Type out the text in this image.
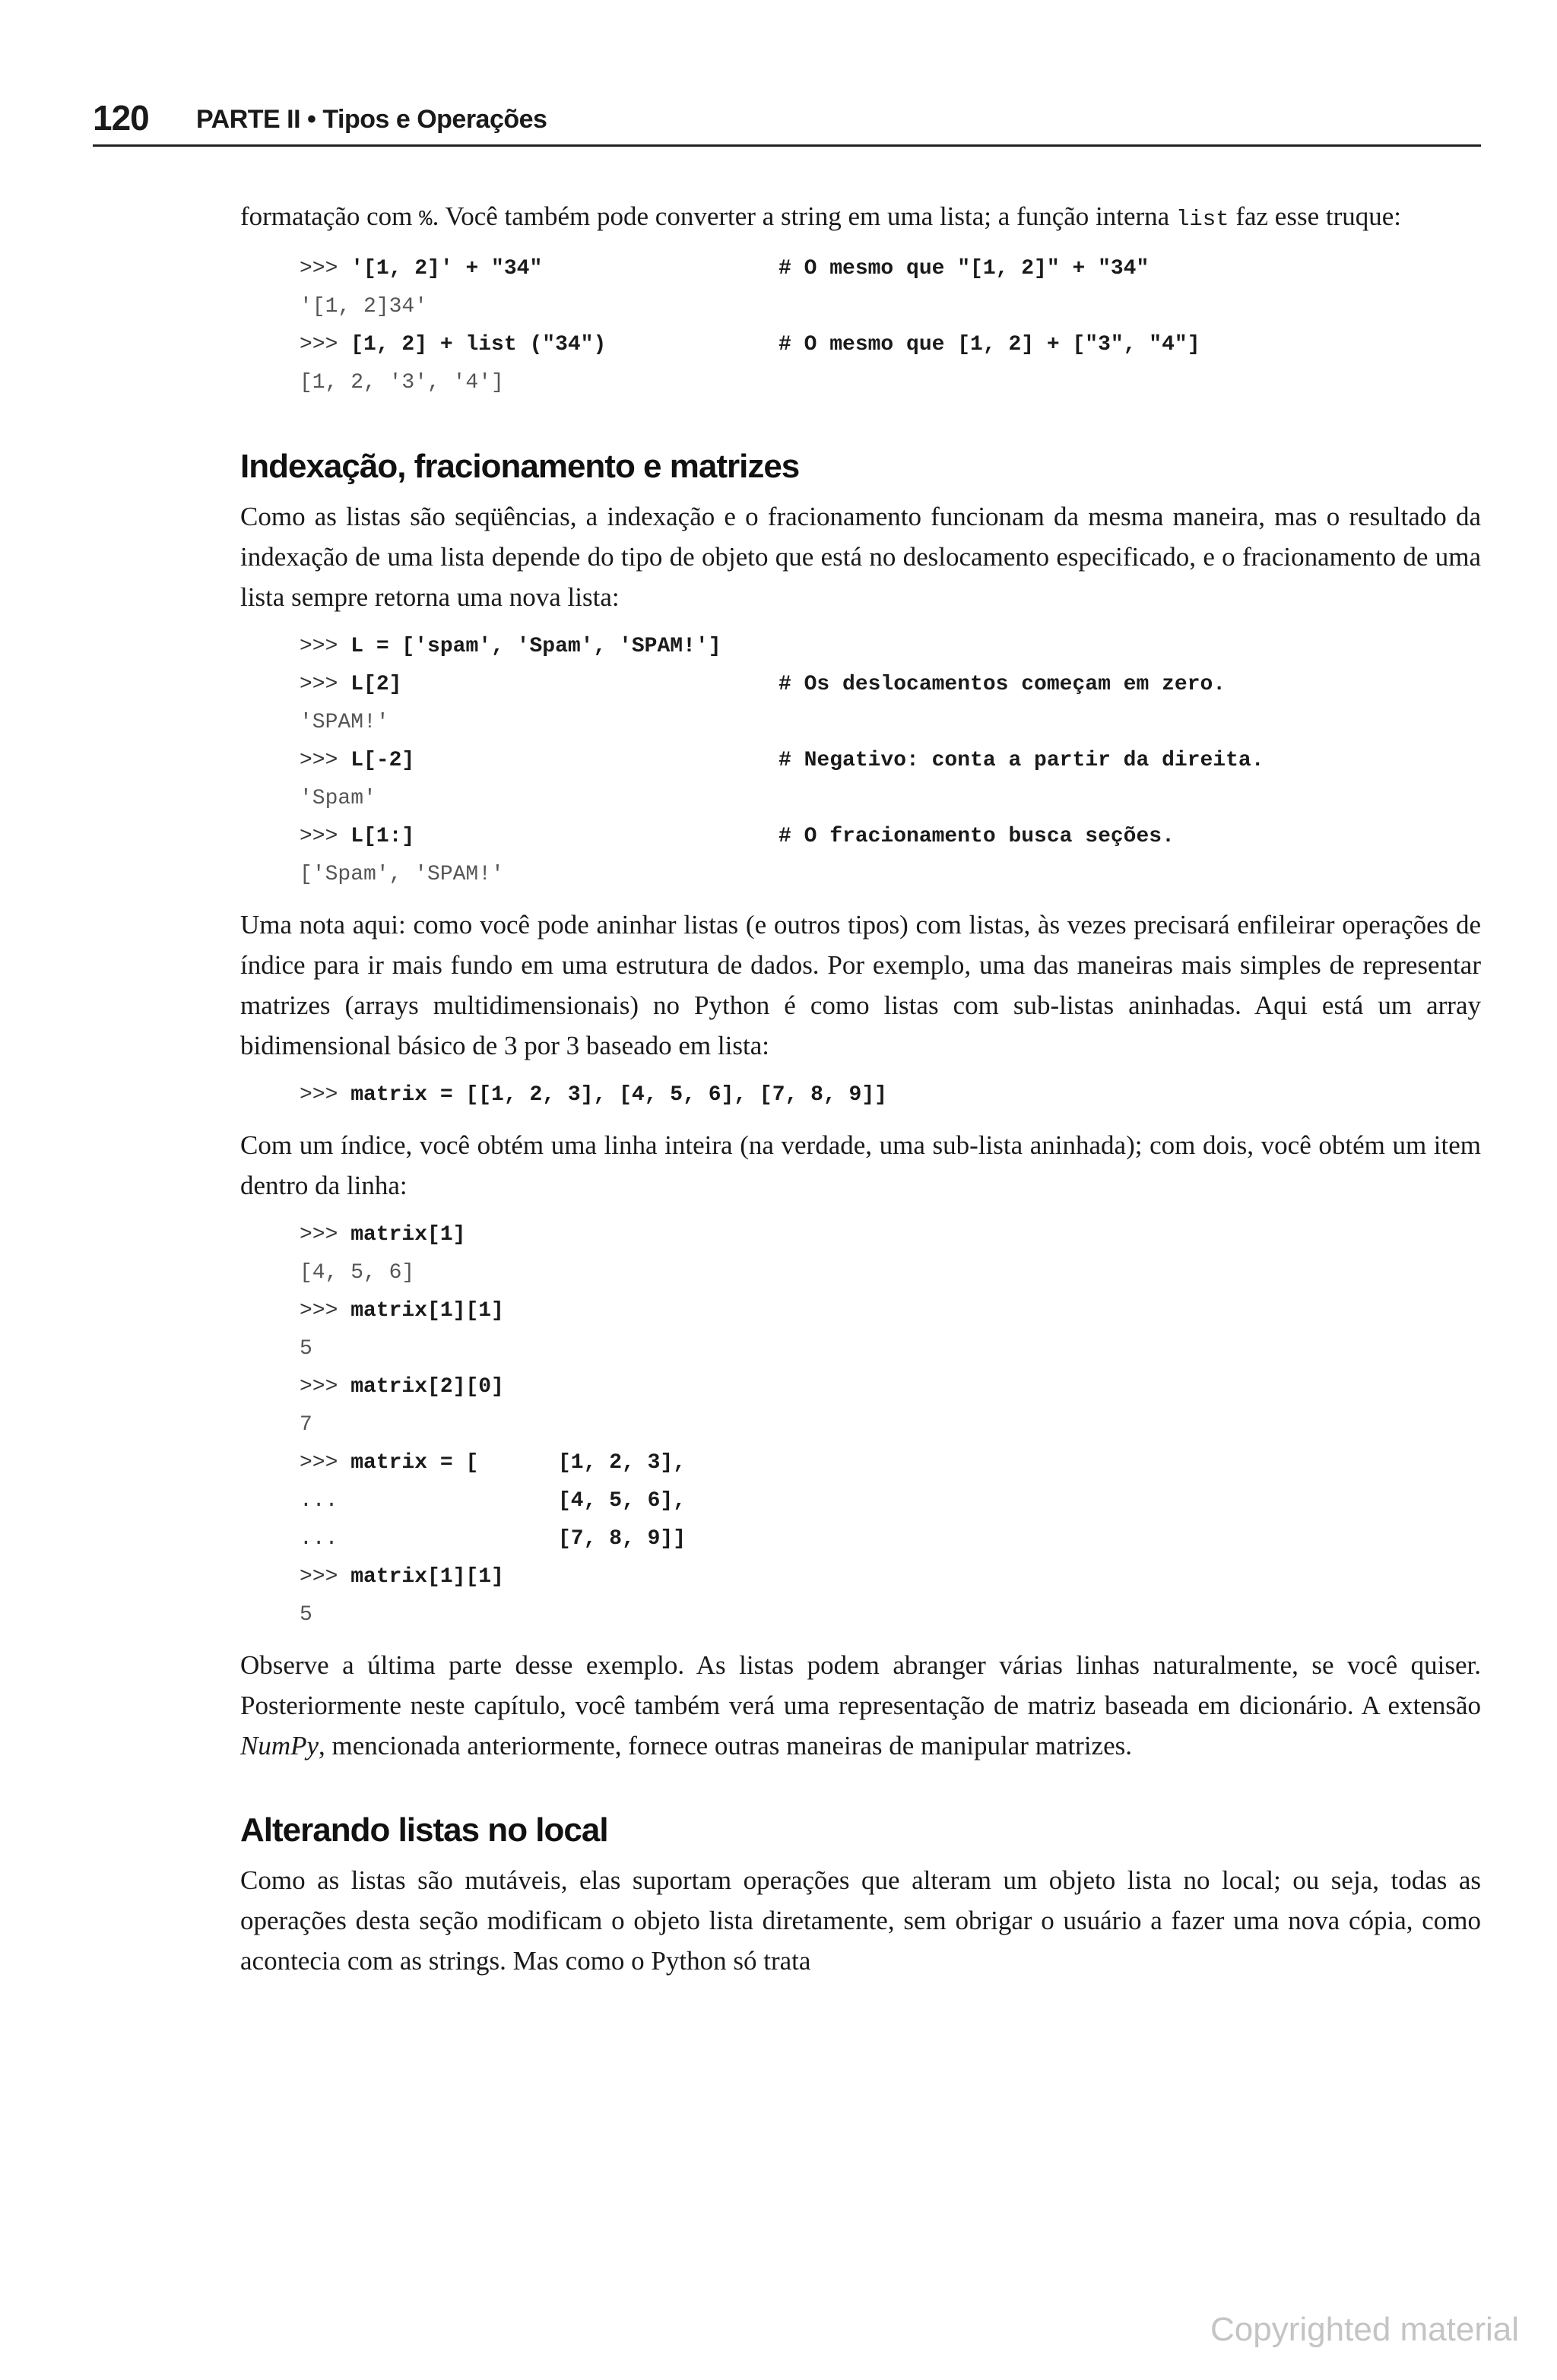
120 PARTE II • Tipos e Operações

formatação com %. Você também pode converter a string em uma lista; a função interna list faz esse truque:

>>> '[1, 2]' + "34"	# O mesmo que "[1, 2]" + "34"
'[1, 2]34'
>>> [1, 2] + list ("34")	# O mesmo que [1, 2] + ["3", "4"]
[1, 2, '3', '4']
Indexação, fracionamento e matrizes

Como as listas são seqüências, a indexação e o fracionamento funcionam da mesma maneira, mas o resultado da indexação de uma lista depende do tipo de objeto que está no deslocamento especificado, e o fracionamento de uma lista sempre retorna uma nova lista:

>>> L = ['spam', 'Spam', 'SPAM!']
>>> L[2]	# Os deslocamentos começam em zero.
'SPAM!'
>>> L[-2]	# Negativo: conta a partir da direita.
'Spam'
>>> L[1:]	# O fracionamento busca seções.
['Spam', 'SPAM!'

Uma nota aqui: como você pode aninhar listas (e outros tipos) com listas, às vezes precisará enfileirar operações de índice para ir mais fundo em uma estrutura de dados. Por exemplo, uma das maneiras mais simples de representar matrizes (arrays multidimensionais) no Python é como listas com sub-listas aninhadas. Aqui está um array bidimensional básico de 3 por 3 baseado em lista:

>>> matrix = [[1, 2, 3], [4, 5, 6], [7, 8, 9]]

Com um índice, você obtém uma linha inteira (na verdade, uma sub-lista aninhada); com dois, você obtém um item dentro da linha:

>>> matrix[1]
[4, 5, 6]
>>> matrix[1][1]
5
>>> matrix[2][0]
7
>>> matrix = [	[1, 2, 3],
...	[4, 5, 6],
...	[7, 8, 9]]
>>> matrix[1][1]
5

Observe a última parte desse exemplo. As listas podem abranger várias linhas naturalmente, se você quiser. Posteriormente neste capítulo, você também verá uma representação de matriz baseada em dicionário. A extensão NumPy, mencionada anteriormente, fornece outras maneiras de manipular matrizes.

Alterando listas no local

Como as listas são mutáveis, elas suportam operações que alteram um objeto lista no local; ou seja, todas as operações desta seção modificam o objeto lista diretamente, sem obrigar o usuário a fazer uma nova cópia, como acontecia com as strings. Mas como o Python só trata

Copyrighted material
